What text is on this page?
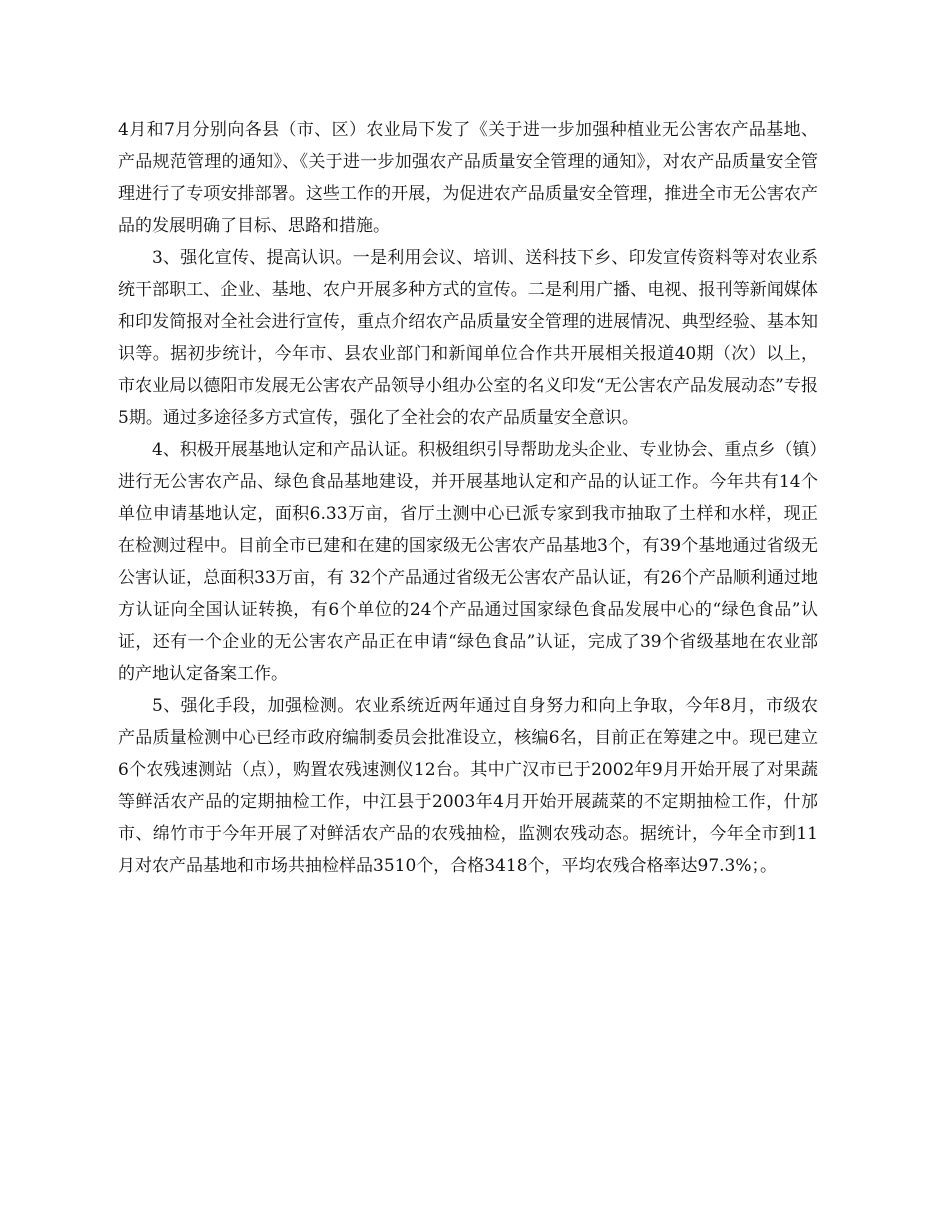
4月和7月分别向各县（市、区）农业局下发了《关于进一步加强种植业无公害农产品基地、产品规范管理的通知》、《关于进一步加强农产品质量安全管理的通知》，对农产品质量安全管理进行了专项安排部署。这些工作的开展，为促进农产品质量安全管理，推进全市无公害农产品的发展明确了目标、思路和措施。

3、强化宣传、提高认识。一是利用会议、培训、送科技下乡、印发宣传资料等对农业系统干部职工、企业、基地、农户开展多种方式的宣传。二是利用广播、电视、报刊等新闻媒体和印发简报对全社会进行宣传，重点介绍农产品质量安全管理的进展情况、典型经验、基本知识等。据初步统计，今年市、县农业部门和新闻单位合作共开展相关报道40期（次）以上，市农业局以德阳市发展无公害农产品领导小组办公室的名义印发“无公害农产品发展动态”专报5期。通过多途径多方式宣传，强化了全社会的农产品质量安全意识。

4、积极开展基地认定和产品认证。积极组织引导帮助龙头企业、专业协会、重点乡（镇）进行无公害农产品、绿色食品基地建设，并开展基地认定和产品的认证工作。今年共有14个单位申请基地认定，面积6.33万亩，省厅土测中心已派专家到我市抽取了土样和水样，现正在检测过程中。目前全市已建和在建的国家级无公害农产品基地3个，有39个基地通过省级无公害认证，总面积33万亩，有 32个产品通过省级无公害农产品认证，有26个产品顺利通过地方认证向全国认证转换，有6个单位的24个产品通过国家绿色食品发展中心的“绿色食品”认证，还有一个企业的无公害农产品正在申请“绿色食品”认证，完成了39个省级基地在农业部的产地认定备案工作。

5、强化手段，加强检测。农业系统近两年通过自身努力和向上争取，今年8月，市级农产品质量检测中心已经市政府编制委员会批准设立，核编6名，目前正在筹建之中。现已建立6个农残速测站（点），购置农残速测仪12台。其中广汉市已于2002年9月开始开展了对果蔬等鲜活农产品的定期抽检工作，中江县于2003年4月开始开展蔬菜的不定期抽检工作，什邡市、绵竹市于今年开展了对鲜活农产品的农残抽检，监测农残动态。据统计，今年全市到11月对农产品基地和市场共抽检样品3510个，合格3418个，平均农残合格率达97.3%；。
